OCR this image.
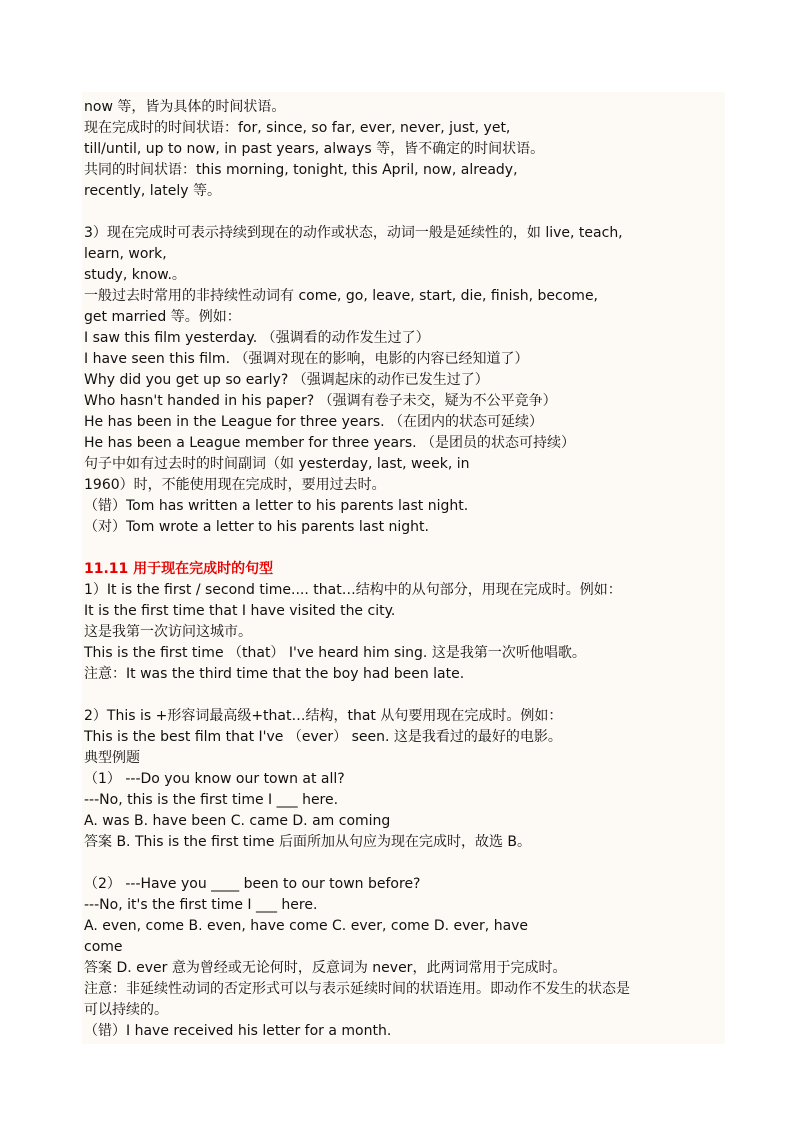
now 等，皆为具体的时间状语。
现在完成时的时间状语：for, since, so far, ever, never, just, yet,
till/until, up to now, in past years, always 等，皆不确定的时间状语。
共同的时间状语：this morning, tonight, this April, now, already,
recently, lately 等。
3）现在完成时可表示持续到现在的动作或状态，动词一般是延续性的，如 live, teach,
learn, work,
study, know.。
一般过去时常用的非持续性动词有 come, go, leave, start, die, finish, become,
get married 等。例如：
I saw this film yesterday. （强调看的动作发生过了）
I have seen this film. （强调对现在的影响，电影的内容已经知道了）
Why did you get up so early? （强调起床的动作已发生过了）
Who hasn't handed in his paper? （强调有卷子未交，疑为不公平竞争）
He has been in the League for three years. （在团内的状态可延续）
He has been a League member for three years. （是团员的状态可持续）
句子中如有过去时的时间副词（如 yesterday, last, week, in
1960）时，不能使用现在完成时，要用过去时。
（错）Tom has written a letter to his parents last night.
（对）Tom wrote a letter to his parents last night.
11.11 用于现在完成时的句型
1）It is the first / second time.... that…结构中的从句部分，用现在完成时。例如：
It is the first time that I have visited the city.
这是我第一次访问这城市。
This is the first time （that） I've heard him sing. 这是我第一次听他唱歌。
注意：It was the third time that the boy had been late.
2）This is +形容词最高级+that…结构，that 从句要用现在完成时。例如：
This is the best film that I've （ever） seen. 这是我看过的最好的电影。
典型例题
（1） ---Do you know our town at all?
---No, this is the first time I ___ here.
A. was B. have been C. came D. am coming
答案 B. This is the first time 后面所加从句应为现在完成时，故选 B。
（2） ---Have you ____ been to our town before?
---No, it's the first time I ___ here.
A. even, come B. even, have come C. ever, come D. ever, have
come
答案 D. ever 意为曾经或无论何时，反意词为 never，此两词常用于完成时。
注意：非延续性动词的否定形式可以与表示延续时间的状语连用。即动作不发生的状态是
可以持续的。
（错）I have received his letter for a month.
